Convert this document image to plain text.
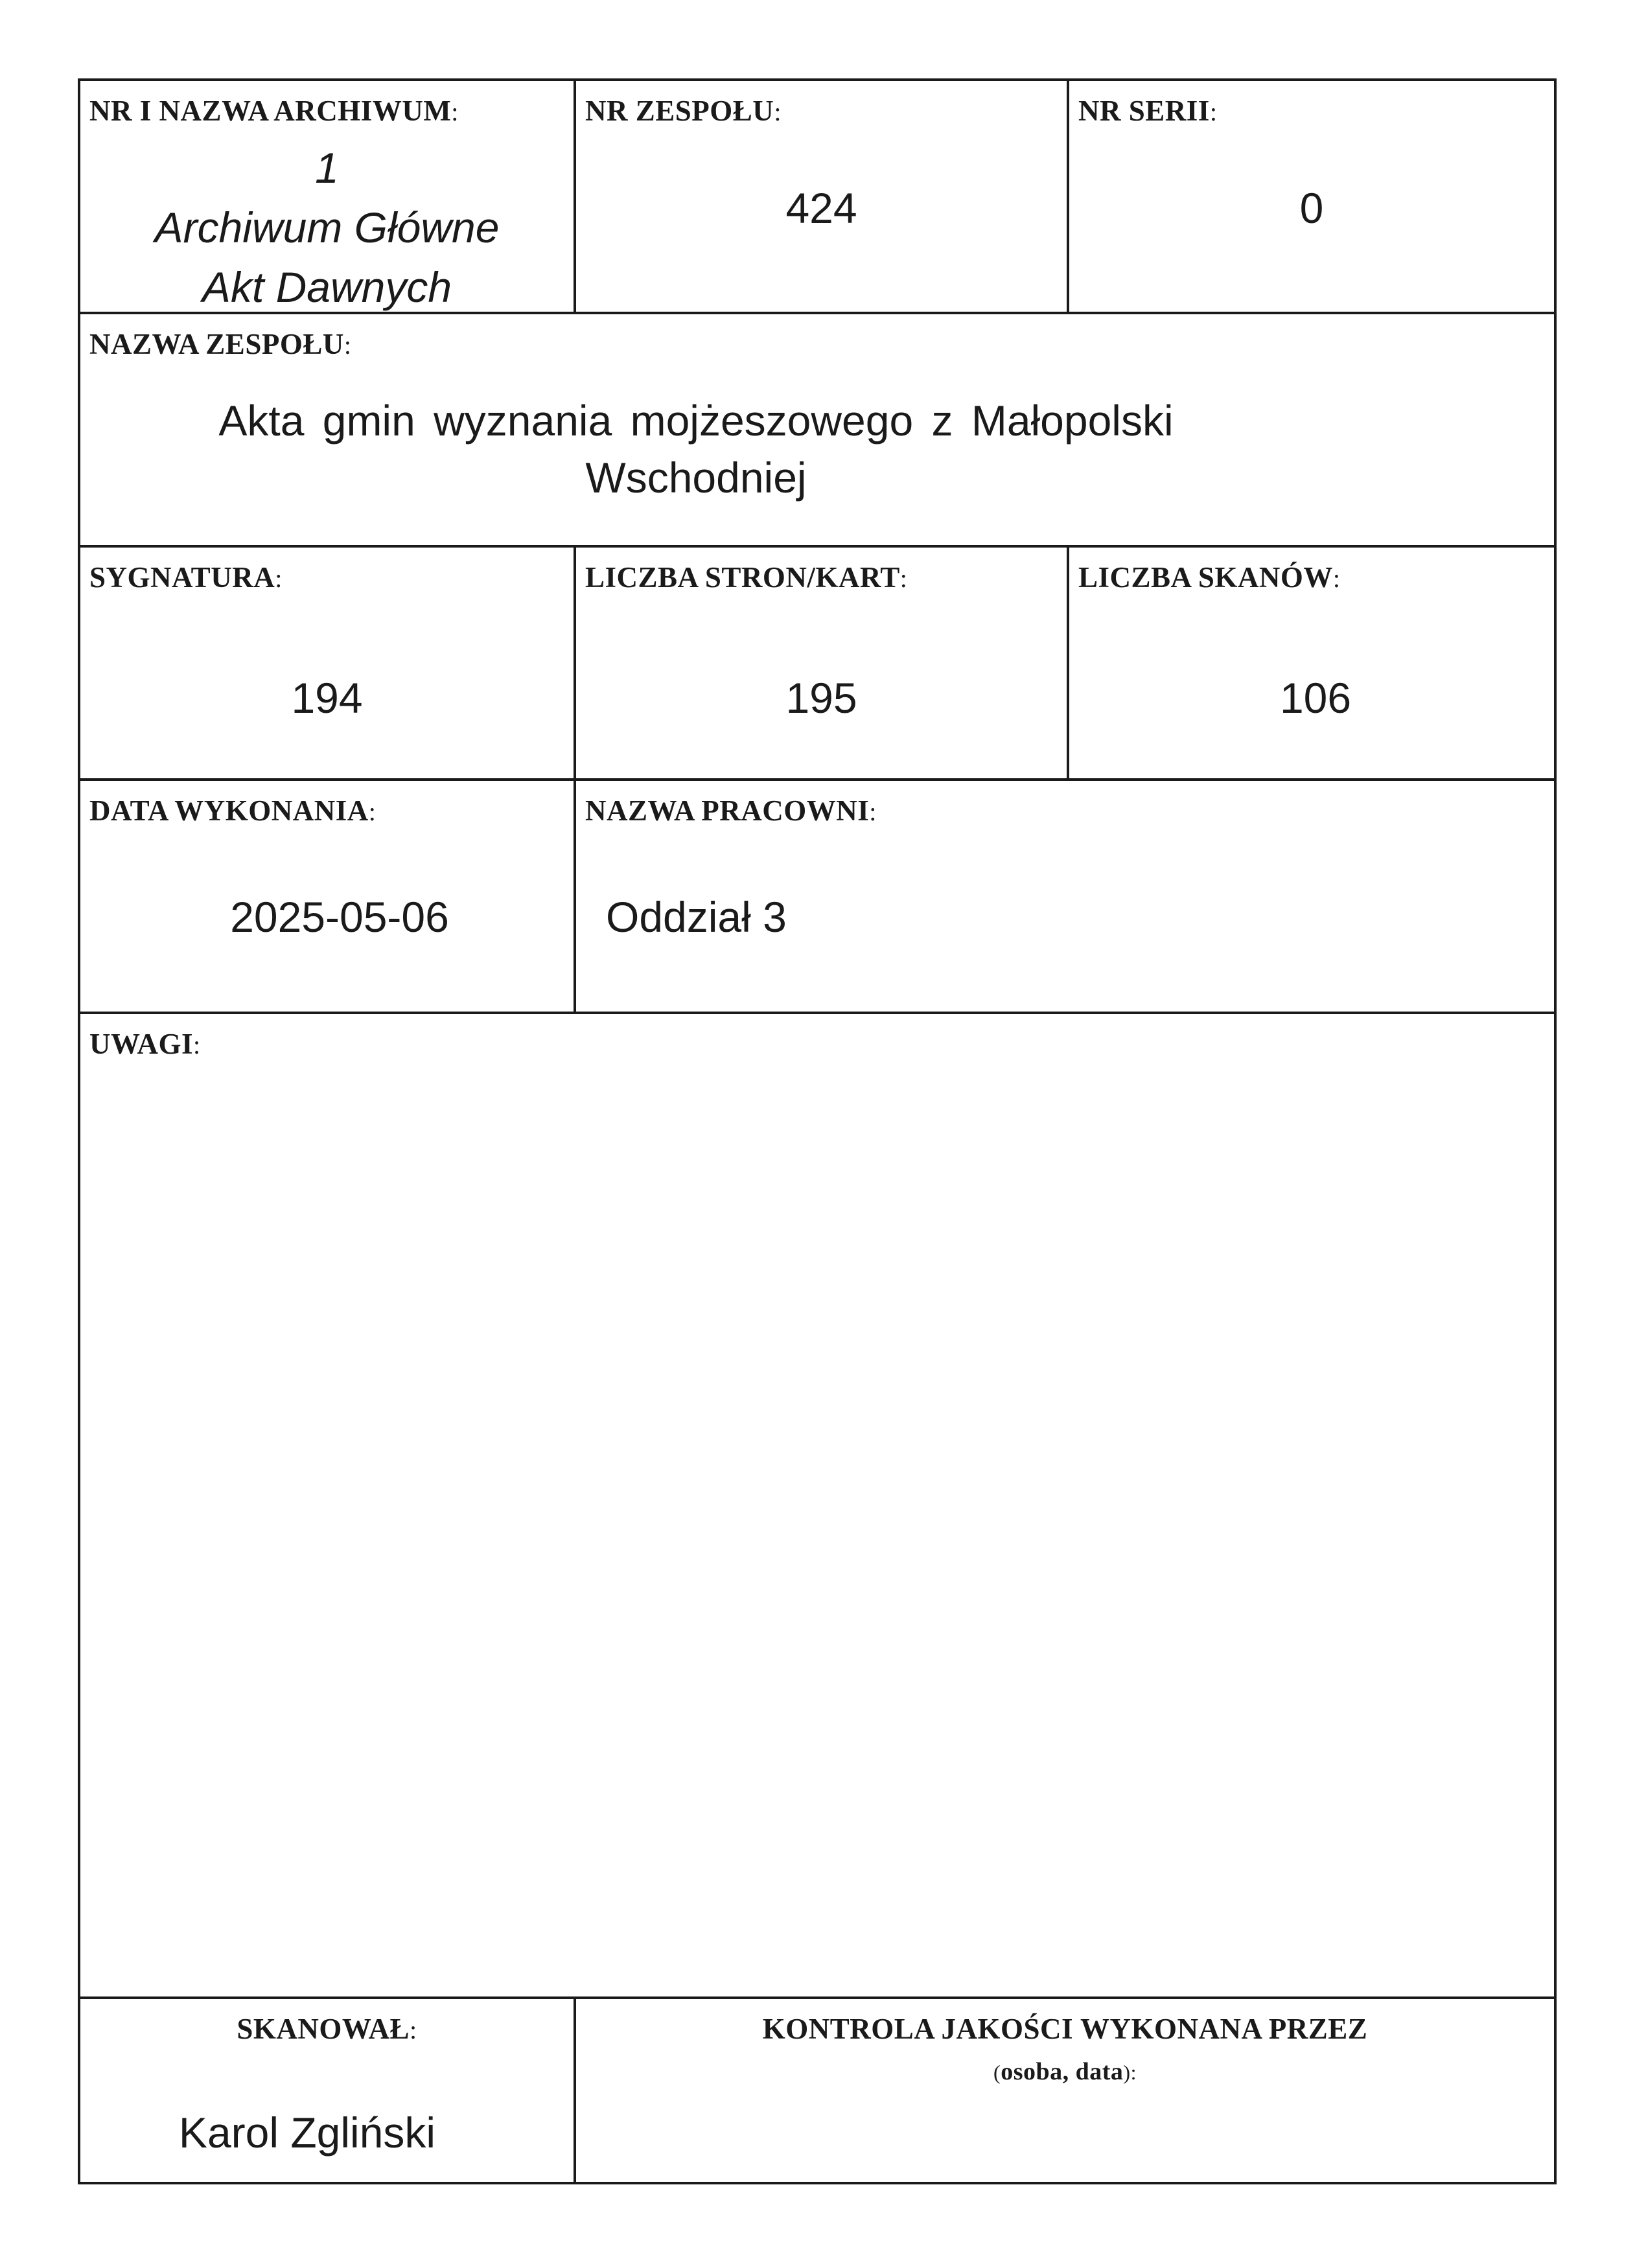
NR I NAZWA ARCHIWUM:
1
Archiwum Główne
Akt Dawnych
NR ZESPOŁU:
424
NR SERII:
0
NAZWA ZESPOŁU:
Akta gmin wyznania mojżeszowego z Małopolski
Wschodniej
SYGNATURA:
194
LICZBA STRON/KART:
195
LICZBA SKANÓW:
106
DATA WYKONANIA:
2025-05-06
NAZWA PRACOWNI:
Oddział 3
UWAGI:
SKANOWAŁ:
Karol Zgliński
KONTROLA JAKOŚCI WYKONANA PRZEZ
(osoba, data):
